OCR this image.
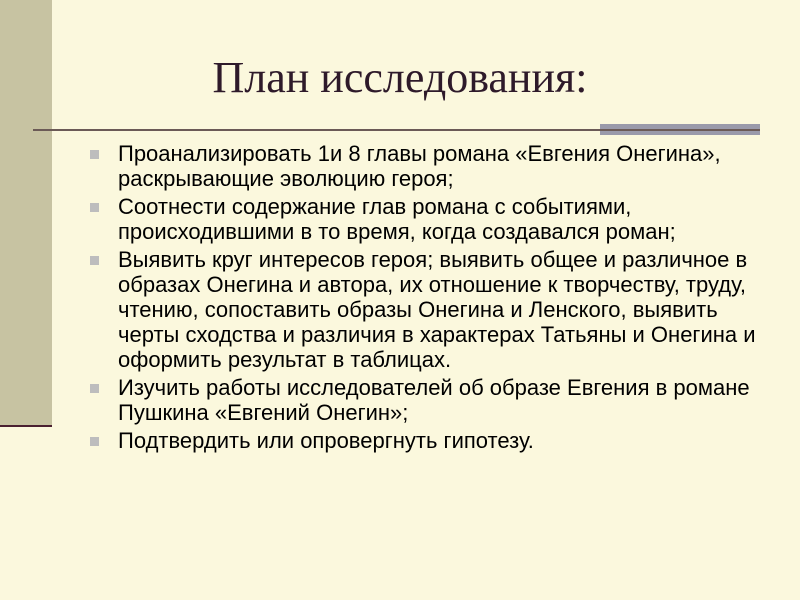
План исследования:
Проанализировать 1и 8 главы романа «Евгения Онегина», раскрывающие эволюцию героя;
Соотнести содержание глав романа с событиями, происходившими в то время, когда создавался роман;
Выявить круг интересов героя; выявить общее и различное в образах Онегина и автора, их отношение к творчеству, труду, чтению, сопоставить образы Онегина и Ленского, выявить черты сходства и различия в характерах Татьяны и Онегина и оформить результат в таблицах.
Изучить работы исследователей об образе Евгения в романе Пушкина «Евгений Онегин»;
Подтвердить или опровергнуть гипотезу.
